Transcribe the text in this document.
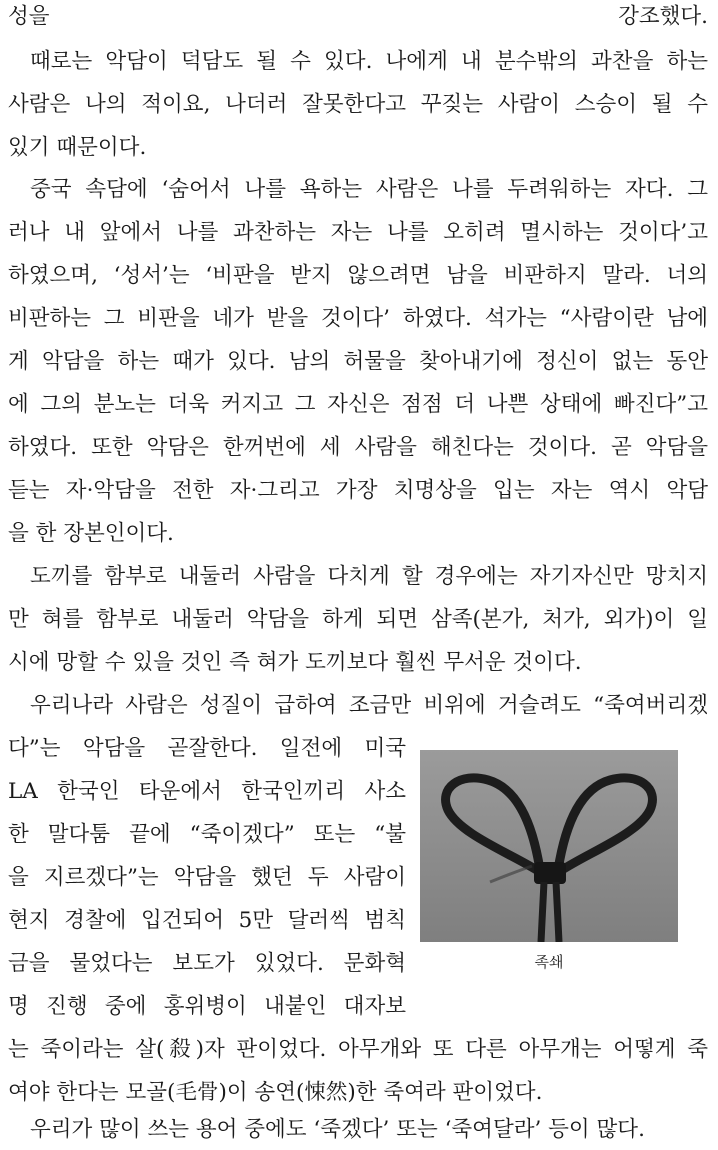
성을 강조했다.
때로는 악담이 덕담도 될 수 있다. 나에게 내 분수밖의 과찬을 하는
사람은 나의 적이요, 나더러 잘못한다고 꾸짖는 사람이 스승이 될 수
있기 때문이다.
중국 속담에 ‘숨어서 나를 욕하는 사람은 나를 두려워하는 자다. 그
러나 내 앞에서 나를 과찬하는 자는 나를 오히려 멸시하는 것이다’고
하였으며, ‘성서’는 ‘비판을 받지 않으려면 남을 비판하지 말라. 너의
비판하는 그 비판을 네가 받을 것이다’ 하였다. 석가는 “사람이란 남에
게 악담을 하는 때가 있다. 남의 허물을 찾아내기에 정신이 없는 동안
에 그의 분노는 더욱 커지고 그 자신은 점점 더 나쁜 상태에 빠진다”고
하였다. 또한 악담은 한꺼번에 세 사람을 해친다는 것이다. 곧 악담을
듣는 자·악담을 전한 자·그리고 가장 치명상을 입는 자는 역시 악담
을 한 장본인이다.
도끼를 함부로 내둘러 사람을 다치게 할 경우에는 자기자신만 망치지
만 혀를 함부로 내둘러 악담을 하게 되면 삼족(본가, 처가, 외가)이 일
시에 망할 수 있을 것인 즉 혀가 도끼보다 훨씬 무서운 것이다.
우리나라 사람은 성질이 급하여 조금만 비위에 거슬려도 “죽여버리겠
다”는 악담을 곧잘한다. 일전에 미국
LA 한국인 타운에서 한국인끼리 사소
한 말다툼 끝에 “죽이겠다” 또는 “불
을 지르겠다”는 악담을 했던 두 사람이
현지 경찰에 입건되어 5만 달러씩 범칙
금을 물었다는 보도가 있었다. 문화혁
명 진행 중에 홍위병이 내붙인 대자보
는 죽이라는 살(殺)자 판이었다. 아무개와 또 다른 아무개는 어떻게 죽
여야 한다는 모골(毛骨)이 송연(悚然)한 죽여라 판이었다.
우리가 많이 쓰는 용어 중에도 ‘죽겠다’ 또는 ‘죽여달라’ 등이 많다.
족쇄
